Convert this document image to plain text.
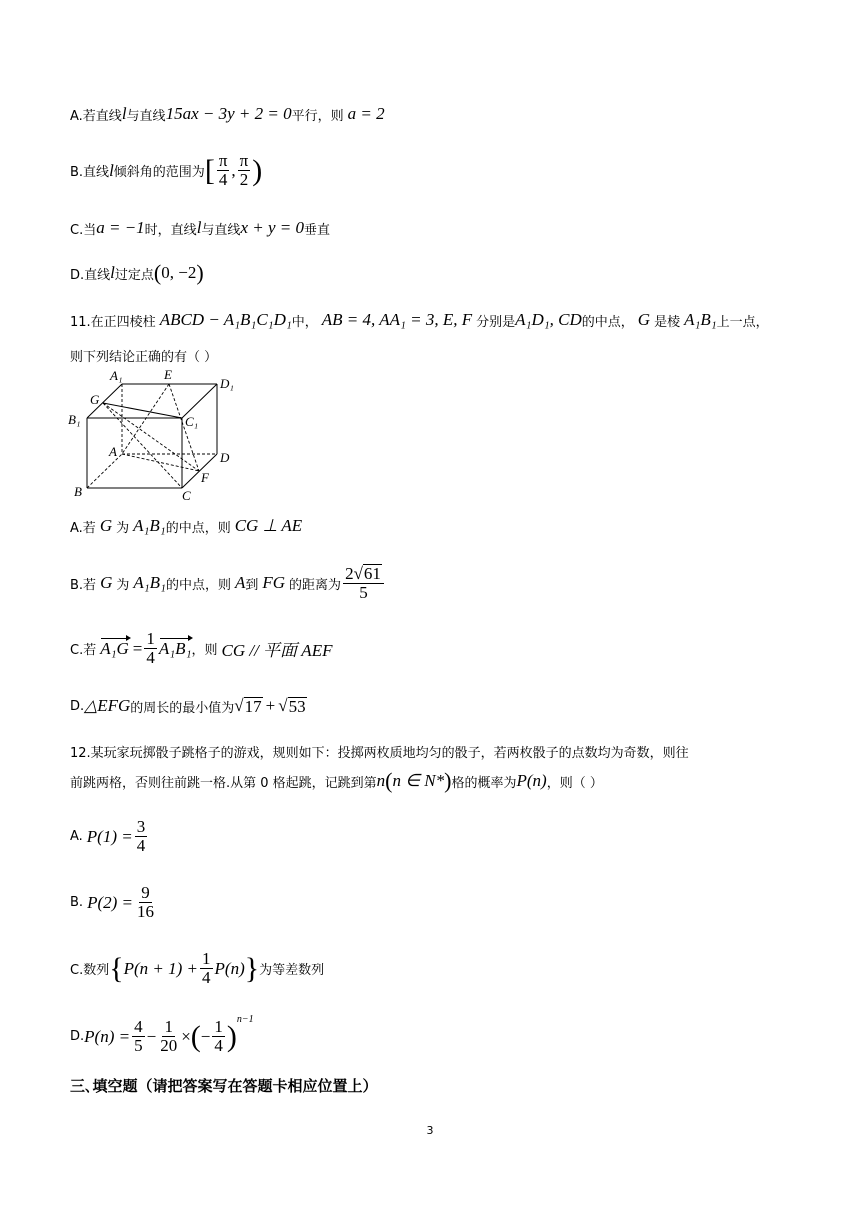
A.若直线 l 与直线 15ax − 3y + 2 = 0 平行，则 a = 2
B.直线 l 倾斜角的范围为 [ $\frac{\pi}{4}$ , $\frac{\pi}{2}$ )
C.当 a = −1 时，直线 l 与直线 x + y = 0 垂直
D.直线 l 过定点 ( 0, −2 )
11.在正四棱柱 ABCD − A₁B₁C₁D₁ 中， AB = 4, AA₁ = 3, E, F 分别是 A₁D₁, CD 的中点， G 是棱 A₁B₁ 上一点，
则下列结论正确的有（ ）
A₁	E
D₁
G
B₁	C₁
A	D
F
B	C
A.若 G 为 A₁B₁ 的中点，则 CG ⊥ AE
B.若 G 为 A₁B₁ 的中点，则 A 到 FG 的距离为 $\frac{2 √ 61}{5}$
C.若 $A_1G = \frac{1}{4} A_1B_1$ ，则 CG // 平面 AEF
D. △EFG 的周长的最小值为 √ 17 + √ 53
12.某玩家玩掷骰子跳格子的游戏，规则如下：投掷两枚质地均匀的骰子，若两枚骰子的点数均为奇数，则往
前跳两格，否则往前跳一格.从第 0 格起跳，记跳到第 n ( n ∈ N* ) 格的概率为 P(n) ，则（ ）
A. $P(1) = \frac{3}{4}$
B. $P(2) = \frac{9}{16}$
C.数列 { $P(n + 1) + \frac{1}{4} P(n)$ } 为等差数列
D. $P(n) = \frac{4}{5} - \frac{1}{20}$ × ( − $\frac{1}{4}$ ) n−1
三､填空题（请把答案写在答题卡相应位置上）
3
